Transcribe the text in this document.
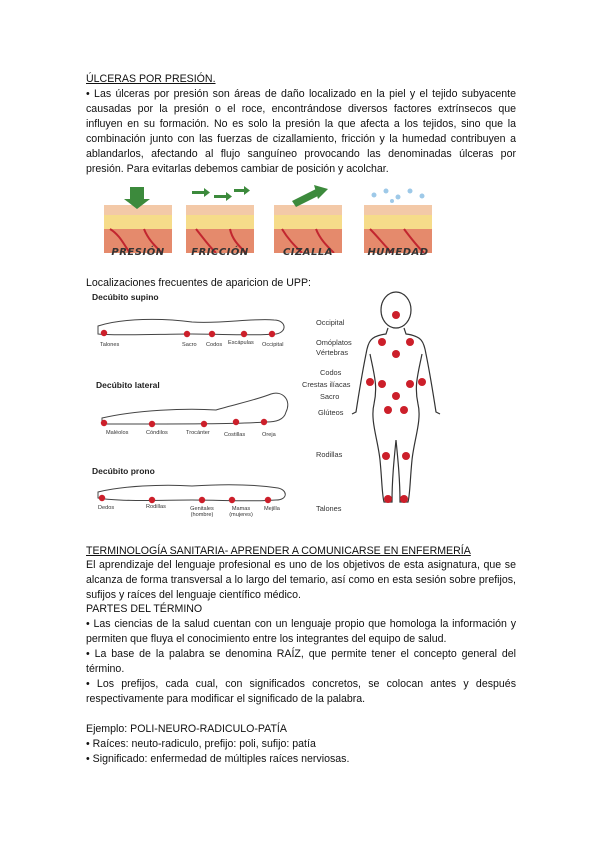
ÚLCERAS POR PRESIÓN.
• Las úlceras por presión son áreas de daño localizado en la piel y el tejido subyacente causadas por la presión o el roce, encontrándose diversos factores extrínsecos que influyen en su formación. No es solo la presión la que afecta a los tejidos, sino que la combinación junto con las fuerzas de cizallamiento, fricción y la humedad contribuyen a ablandarlos, afectando al flujo sanguíneo provocando las denominadas úlceras por presión. Para evitarlas debemos cambiar de posición y acolchar.
PRESIÓN	FRICCIÓN	CIZALLA	HUMEDAD
Localizaciones frecuentes de aparicion de UPP:
Decúbito supino
Talones	Sacro Codos Escápulas Occipital
Decúbito lateral
Maléolos	Cóndilos	Trocánter	Costillas	Oreja
Decúbito prono
Dedos	Rodillas	Genitales (hombre)
Mamas (mujeres)
Mejilla
Occipital
Omóplatos
Vértebras
Codos
Crestas ilíacas
Sacro
Glúteos
Rodillas
Talones
TERMINOLOGÍA SANITARIA- APRENDER A COMUNICARSE EN ENFERMERÍA
El aprendizaje del lenguaje profesional es uno de los objetivos de esta asignatura, que se alcanza de forma transversal a lo largo del temario, así como en esta sesión sobre prefijos, sufijos y raíces del lenguaje científico médico.
PARTES DEL TÉRMINO
• Las ciencias de la salud cuentan con un lenguaje propio que homologa la información y permiten que fluya el conocimiento entre los integrantes del equipo de salud.
• La base de la palabra se denomina RAÍZ, que permite tener el concepto general del término.
• Los prefijos, cada cual, con significados concretos, se colocan antes y después respectivamente para modificar el significado de la palabra.
Ejemplo: POLI-NEURO-RADICULO-PATÍA
• Raíces: neuto-radiculo, prefijo: poli, sufijo: patía
• Significado: enfermedad de múltiples raíces nerviosas.
